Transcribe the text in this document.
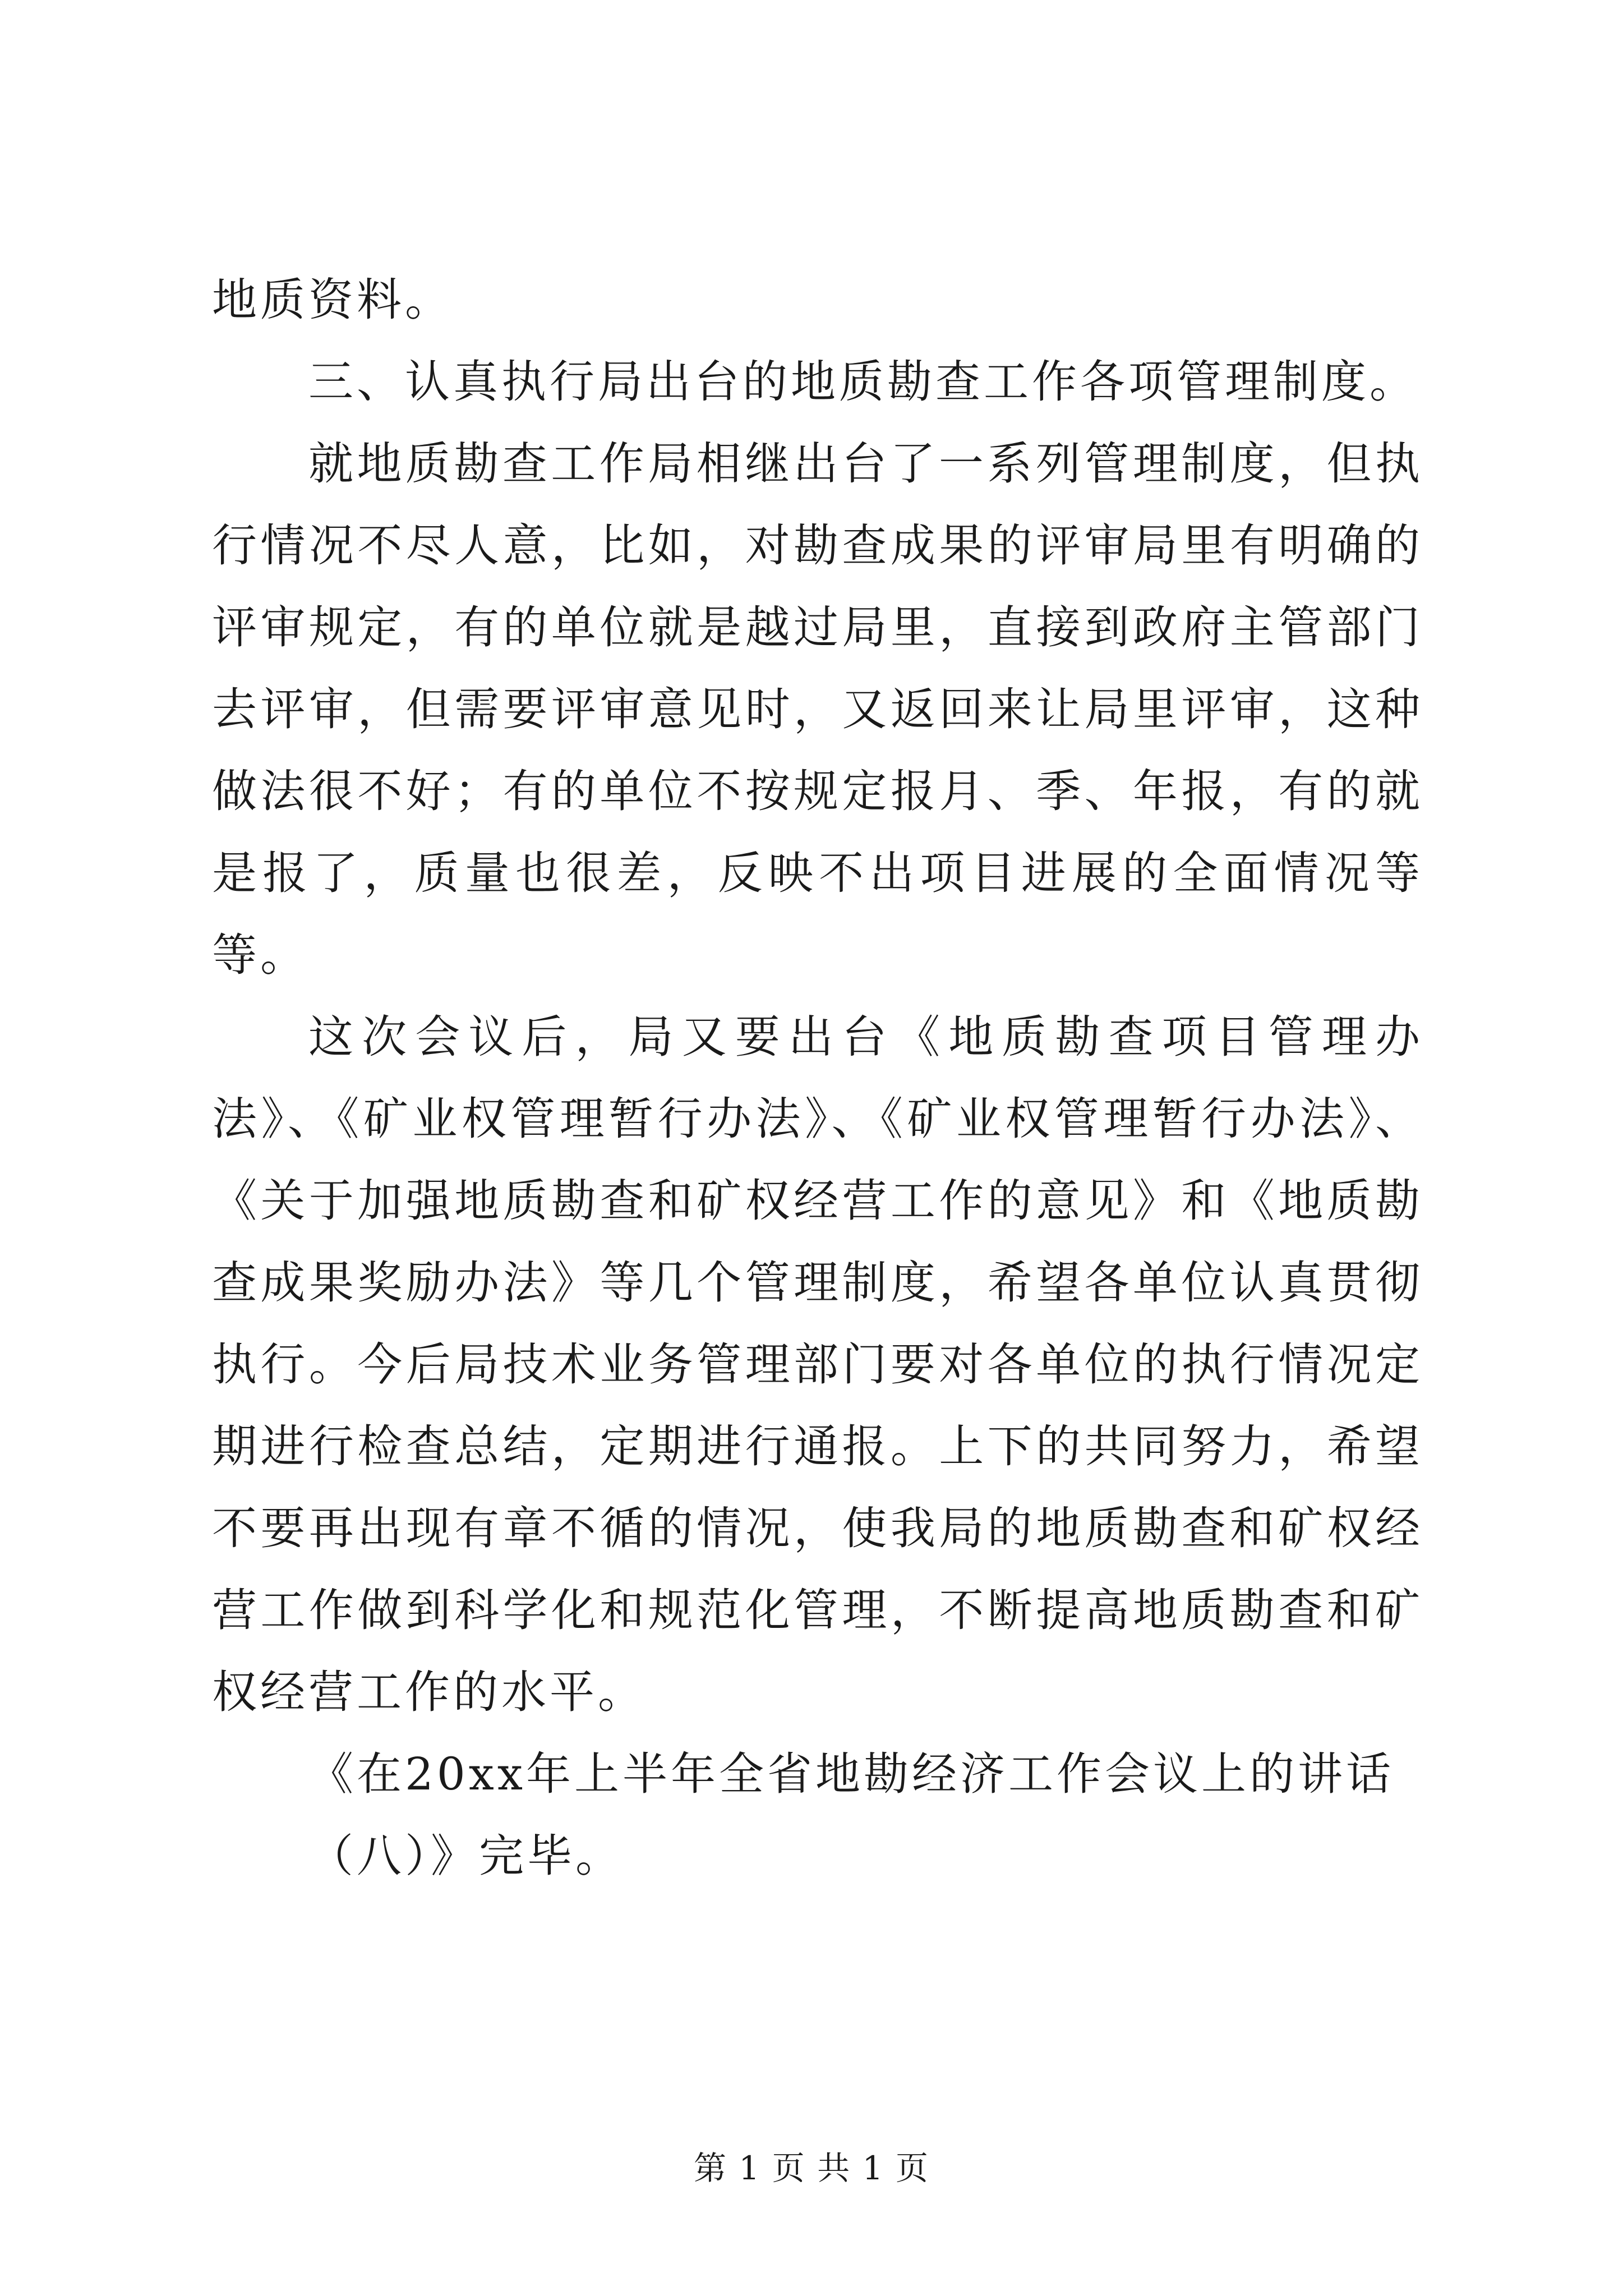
地质资料。

三、认真执行局出台的地质勘查工作各项管理制度。

就地质勘查工作局相继出台了一系列管理制度，但执行情况不尽人意，比如，对勘查成果的评审局里有明确的评审规定，有的单位就是越过局里，直接到政府主管部门去评审，但需要评审意见时，又返回来让局里评审，这种做法很不好；有的单位不按规定报月、季、年报，有的就是报了，质量也很差，反映不出项目进展的全面情况等等。

这次会议后，局又要出台《地质勘查项目管理办法》、《矿业权管理暂行办法》、《矿业权管理暂行办法》、《关于加强地质勘查和矿权经营工作的意见》和《地质勘查成果奖励办法》等几个管理制度，希望各单位认真贯彻执行。今后局技术业务管理部门要对各单位的执行情况定期进行检查总结，定期进行通报。上下的共同努力，希望不要再出现有章不循的情况，使我局的地质勘查和矿权经营工作做到科学化和规范化管理，不断提高地质勘查和矿权经营工作的水平。

《在20xx年上半年全省地勘经济工作会议上的讲话

（八）》完毕。

第 1 页 共 1 页
